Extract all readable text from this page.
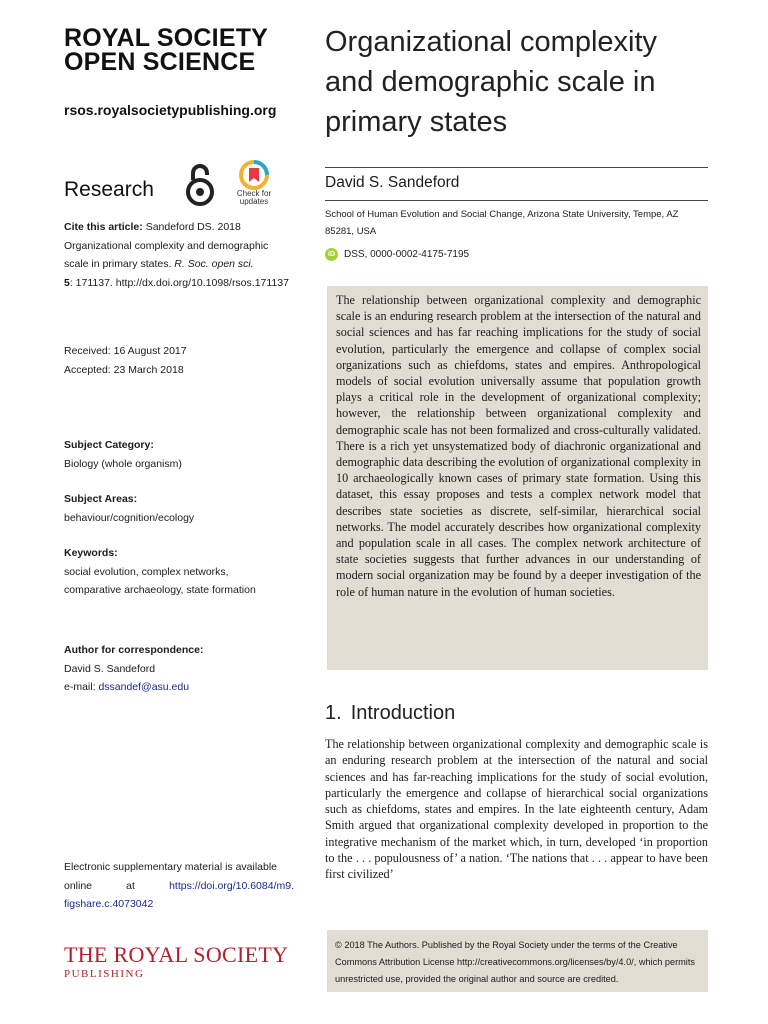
ROYAL SOCIETY
OPEN SCIENCE
rsos.royalsocietypublishing.org
Research	Check for
updates
Cite this article: Sandeford DS. 2018 Organizational complexity and demographic scale in primary states. R. Soc. open sci.
5: 171137. http://dx.doi.org/10.1098/rsos.171137
Received: 16 August 2017
Accepted: 23 March 2018
Subject Category:
Biology (whole organism)
Subject Areas:
behaviour/cognition/ecology
Keywords:
social evolution, complex networks, comparative archaeology, state formation
Author for correspondence:
David S. Sandeford
e-mail: dssandef@asu.edu
Electronic supplementary material is available
online	at	https://doi.org/10.6084/m9.
figshare.c.4073042
THE ROYAL SOCIETY
PUBLISHING
Organizational complexity and demographic scale in primary states
David S. Sandeford
School of Human Evolution and Social Change, Arizona State University, Tempe, AZ 85281, USA
iD DSS, 0000-0002-4175-7195

The relationship between organizational complexity and demographic scale is an enduring research problem at the intersection of the natural and social sciences and has far reaching implications for the study of social evolution, particularly the emergence and collapse of complex social organizations such as chiefdoms, states and empires. Anthropological models of social evolution universally assume that population growth plays a critical role in the development of organizational complexity; however, the relationship between organizational complexity and demographic scale has not been formalized and cross-culturally validated. There is a rich yet unsystematized body of diachronic organizational and demographic data describing the evolution of organizational complexity in 10 archaeologically known cases of primary state formation. Using this dataset, this essay proposes and tests a complex network model that describes state societies as discrete, self-similar, hierarchical social networks. The model accurately describes how organizational complexity and population scale in all cases. The complex network architecture of state societies suggests that further advances in our understanding of modern social organization may be found by a deeper investigation of the role of human nature in the evolution of human societies.

1. Introduction

The relationship between organizational complexity and demographic scale is an enduring research problem at the intersection of the natural and social sciences and has far-reaching implications for the study of social evolution, particularly the emergence and collapse of hierarchical social organizations such as chiefdoms, states and empires. In the late eighteenth century, Adam Smith argued that organizational complexity developed in proportion to the integrative mechanism of the market which, in turn, developed ‘in proportion to the . . . populousness of’ a nation. ‘The nations that . . . appear to have been first civilized’

© 2018 The Authors. Published by the Royal Society under the terms of the Creative Commons Attribution License http://creativecommons.org/licenses/by/4.0/, which permits unrestricted use, provided the original author and source are credited.
